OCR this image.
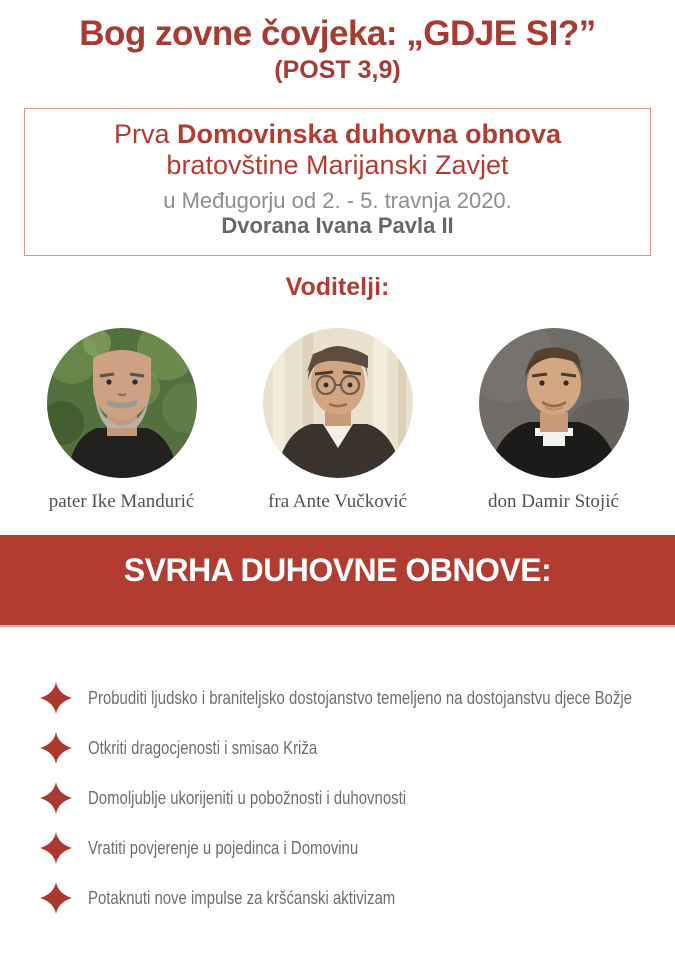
Bog zovne čovjeka: „GDJE SI?”
(POST 3,9)
Prva Domovinska duhovna obnova
bratovštine Marijanski Zavjet
u Međugorju od 2. - 5. travnja 2020.
Dvorana Ivana Pavla II
Voditelji:
pater Ike Mandurić	fra Ante Vučković	don Damir Stojić
SVRHA DUHOVNE OBNOVE:
Probuditi ljudsko i braniteljsko dostojanstvo temeljeno na dostojanstvu djece Božje
Otkriti dragocjenosti i smisao Križa
Domoljublje ukorijeniti u pobožnosti i duhovnosti
Vratiti povjerenje u pojedinca i Domovinu
Potaknuti nove impulse za kršćanski aktivizam
